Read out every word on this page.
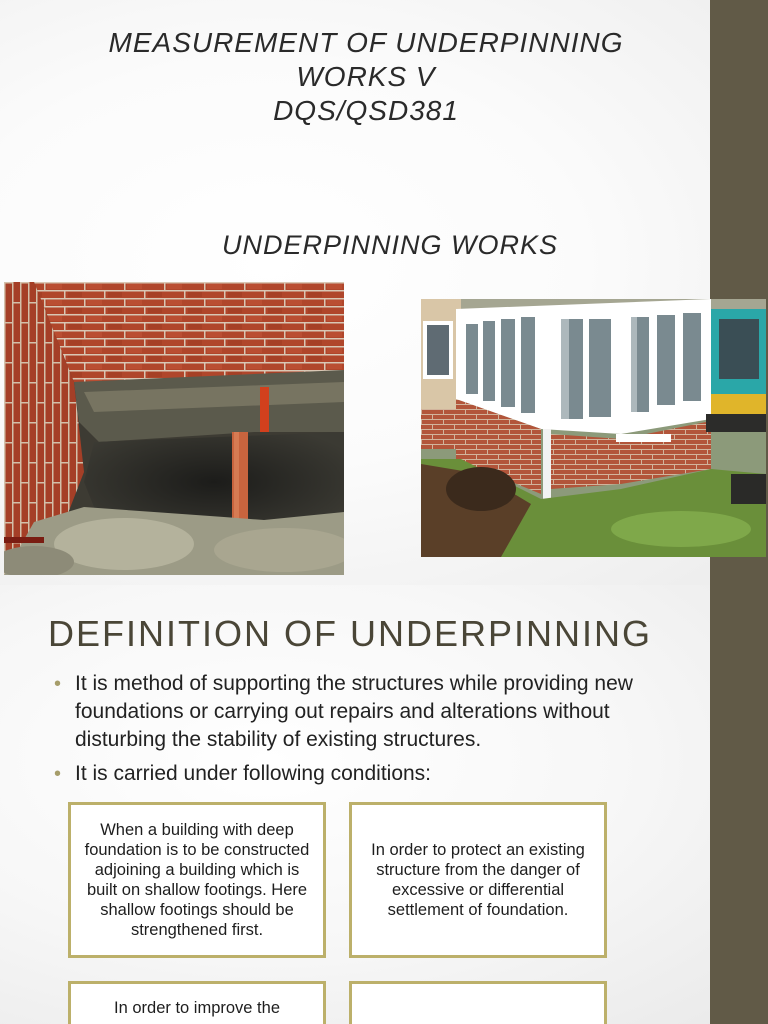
MEASUREMENT OF UNDERPINNING
WORKS V
DQS/QSD381
UNDERPINNING WORKS
DEFINITION OF UNDERPINNING
• It is method of supporting the structures while providing new foundations or carrying out repairs and alterations without disturbing the stability of existing structures.
• It is carried under following conditions:
When a building with deep foundation is to be constructed adjoining a building which is built on shallow footings. Here shallow footings should be strengthened first.
In order to protect an existing structure from the danger of excessive or differential settlement of foundation.
In order to improve the
